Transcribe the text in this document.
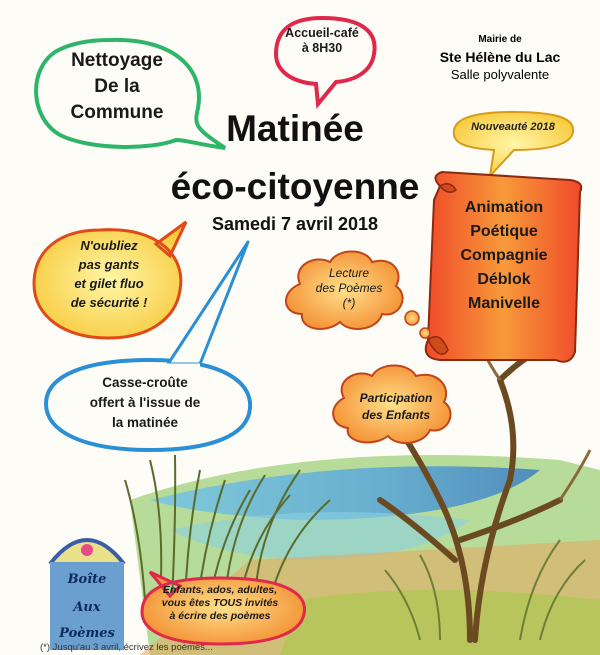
Nettoyage
De la
Commune
Accueil-café
à 8H30
Mairie de
Ste Hélène du Lac
Salle polyvalente
Matinée
éco-citoyenne
Samedi 7 avril 2018
Nouveauté 2018
Animation
Poétique
Compagnie
Déblok
Manivelle
Lecture
des Poèmes
(*)
N'oubliez
pas gants
et gilet fluo
de sécurité !
Casse-croûte
offert à l'issue de
la matinée
Participation
des Enfants
Enfants, ados, adultes,
vous êtes TOUS invités
à écrire des poèmes
Boîte
Aux
Poèmes
(*) Jusqu'au 3 avril, écrivez les poèmes...
